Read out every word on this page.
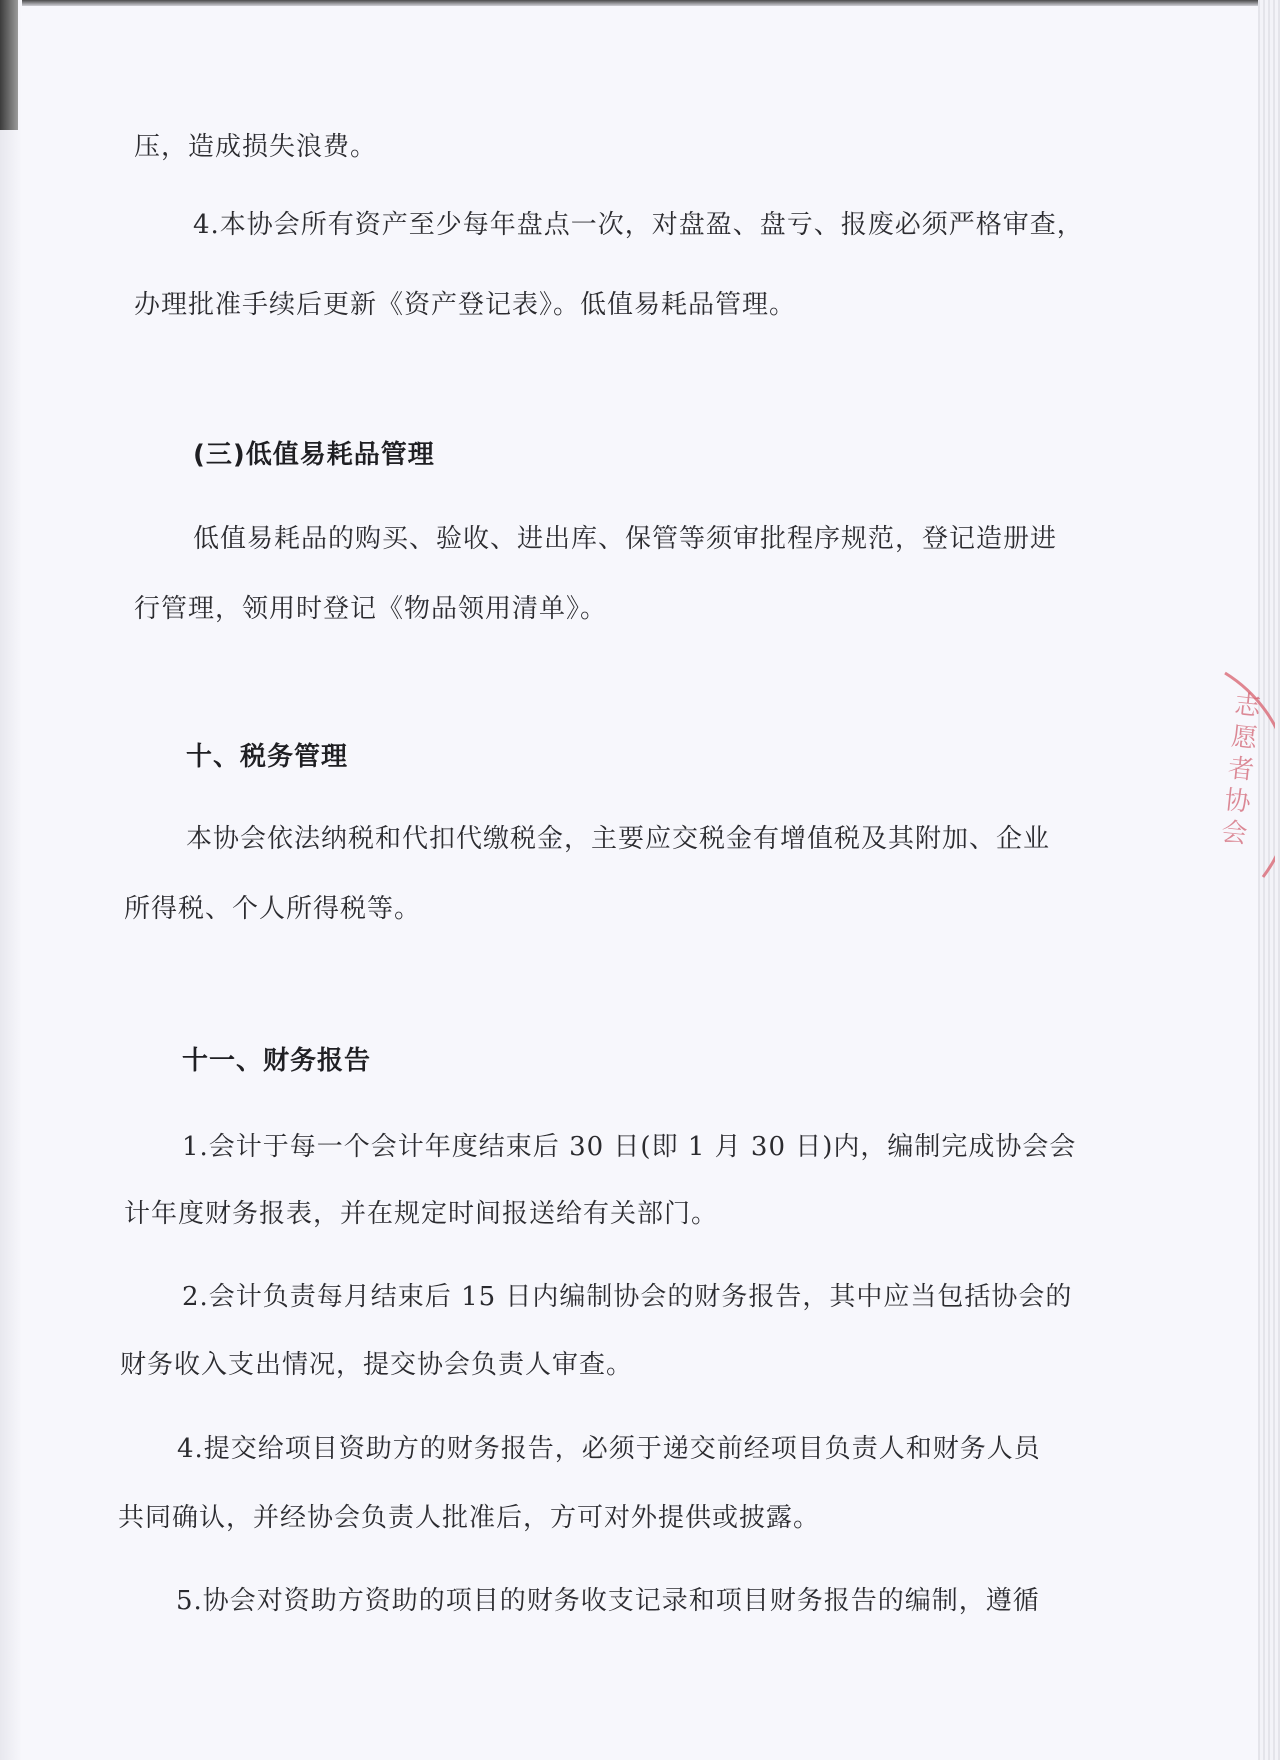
压，造成损失浪费。

4.本协会所有资产至少每年盘点一次，对盘盈、盘亏、报废必须严格审查，

办理批准手续后更新《资产登记表》。低值易耗品管理。

(三)低值易耗品管理

低值易耗品的购买、验收、进出库、保管等须审批程序规范，登记造册进

行管理，领用时登记《物品领用清单》。

十、税务管理

本协会依法纳税和代扣代缴税金，主要应交税金有增值税及其附加、企业

所得税、个人所得税等。

十一、财务报告

1.会计于每一个会计年度结束后 30 日(即 1 月 30 日)内，编制完成协会会

计年度财务报表，并在规定时间报送给有关部门。

2.会计负责每月结束后 15 日内编制协会的财务报告，其中应当包括协会的

财务收入支出情况，提交协会负责人审查。

4.提交给项目资助方的财务报告，必须于递交前经项目负责人和财务人员

共同确认，并经协会负责人批准后，方可对外提供或披露。

5.协会对资助方资助的项目的财务收支记录和项目财务报告的编制，遵循

志愿者协会
